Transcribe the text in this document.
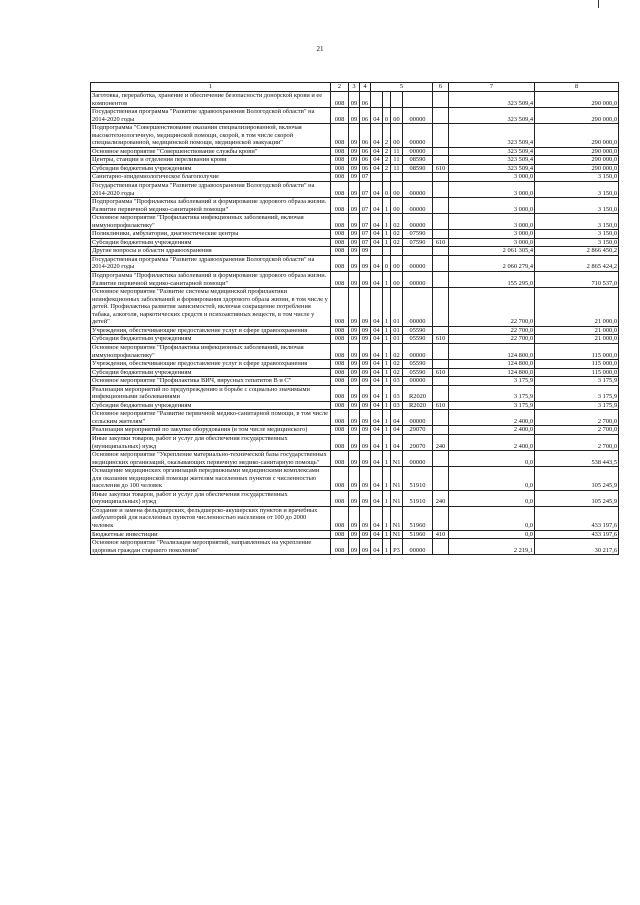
21
1	2	3	4	5				6	7	8
Заготовка, переработка, хранение и обеспечение безопасности донорской крови и ее компонентов	008	09	06						323 509,4	290 000,0
Государственная программа "Развитие здравоохранения Вологодской области" на 2014-2020 годы	008	09	06	04	0	00	00000		323 509,4	290 000,0
Подпрограмма "Совершенствование оказания специализированной, включая высокотехнологичную, медицинской помощи, скорой, в том числе скорой специализированной, медицинской помощи, медицинской эвакуации"	008	09	06	04	2	00	00000		323 509,4	290 000,0
Основное мероприятие "Совершенствование службы крови"	008	09	06	04	2	11	00000		323 509,4	290 000,0
Центры, станции и отделения переливания крови	008	09	06	04	2	11	08590		323 509,4	290 000,0
Субсидии бюджетным учреждениям	008	09	06	04	2	11	08590	610	323 509,4	290 000,0
Санитарно-эпидемиологическое благополучие	008	09	07						3 000,0	3 150,0
Государственная программа "Развитие здравоохранения Вологодской области" на 2014-2020 годы	008	09	07	04	0	00	00000		3 000,0	3 150,0
Подпрограмма "Профилактика заболеваний и формирование здорового образа жизни. Развитие первичной медико-санитарной помощи"	008	09	07	04	1	00	00000		3 000,0	3 150,0
Основное мероприятие "Профилактика инфекционных заболеваний, включая иммунопрофилактику"	008	09	07	04	1	02	00000		3 000,0	3 150,0
Поликлиники, амбулатории, диагностические центры	008	09	07	04	1	02	07590		3 000,0	3 150,0
Субсидии бюджетным учреждениям	008	09	07	04	1	02	07590	610	3 000,0	3 150,0
Другие вопросы в области здравоохранения	008	09	09						2 061 305,4	2 866 450,2
Государственная программа "Развитие здравоохранения Вологодской области" на 2014-2020 годы	008	09	09	04	0	00	00000		2 060 279,4	2 865 424,2
Подпрограмма "Профилактика заболеваний и формирование здорового образа жизни. Развитие первичной медико-санитарной помощи"	008	09	09	04	1	00	00000		155 295,0	710 537,0
Основное мероприятие "Развитие системы медицинской профилактики неинфекционных заболеваний и формирования здорового образа жизни, в том числе у детей. Профилактика развития зависимостей, включая сокращение потребления табака, алкоголя, наркотических средств и психоактивных веществ, в том числе у детей"	008	09	09	04	1	01	00000		22 700,0	21 000,0
Учреждения, обеспечивающие предоставление услуг в сфере здравоохранения	008	09	09	04	1	01	05590		22 700,0	21 000,0
Субсидии бюджетным учреждениям	008	09	09	04	1	01	05590	610	22 700,0	21 000,0
Основное мероприятие "Профилактика инфекционных заболеваний, включая иммунопрофилактику"	008	09	09	04	1	02	00000		124 800,0	115 000,0
Учреждения, обеспечивающие предоставление услуг в сфере здравоохранения	008	09	09	04	1	02	05590		124 800,0	115 000,0
Субсидии бюджетным учреждениям	008	09	09	04	1	02	05590	610	124 800,0	115 000,0
Основное мероприятие "Профилактика ВИЧ, вирусных гепатитов В и С"	008	09	09	04	1	03	00000		3 175,9	3 175,9
Реализация мероприятий по предупреждению и борьбе с социально значимыми инфекционными заболеваниями	008	09	09	04	1	03	R2020		3 175,9	3 175,9
Субсидии бюджетным учреждениям	008	09	09	04	1	03	R2020	610	3 175,9	3 175,9
Основное мероприятие "Развитие первичной медико-санитарной помощи, в том числе сельским жителям"	008	09	09	04	1	04	00000		2 400,0	2 700,0
Реализация мероприятий по закупке оборудования (в том числе медицинского)	008	09	09	04	1	04	29070		2 400,0	2 700,0
Иные закупки товаров, работ и услуг для обеспечения государственных (муниципальных) нужд	008	09	09	04	1	04	29070	240	2 400,0	2 700,0
Основное мероприятие "Укрепление материально-технической базы государственных медицинских организаций, оказывающих первичную медико-санитарную помощь"	008	09	09	04	1	N1	00000		0,0	538 443,5
Оснащение медицинских организаций передвижными медицинскими комплексами для оказания медицинской помощи жителям населенных пунктов с численностью населения до 100 человек	008	09	09	04	1	N1	51910		0,0	105 245,9
Иные закупки товаров, работ и услуг для обеспечения государственных (муниципальных) нужд	008	09	09	04	1	N1	51910	240	0,0	105 245,9
Создание и замена фельдшерских, фельдшерско-акушерских пунктов и врачебных амбулаторий для населенных пунктов численностью населения от 100 до 2000 человек	008	09	09	04	1	N1	51960		0,0	433 197,6
Бюджетные инвестиции	008	09	09	04	1	N1	51960	410	0,0	433 197,6
Основное мероприятие "Реализация мероприятий, направленных на укрепление здоровья граждан старшего поколения"	008	09	09	04	1	P3	00000		2 219,1	30 217,6
